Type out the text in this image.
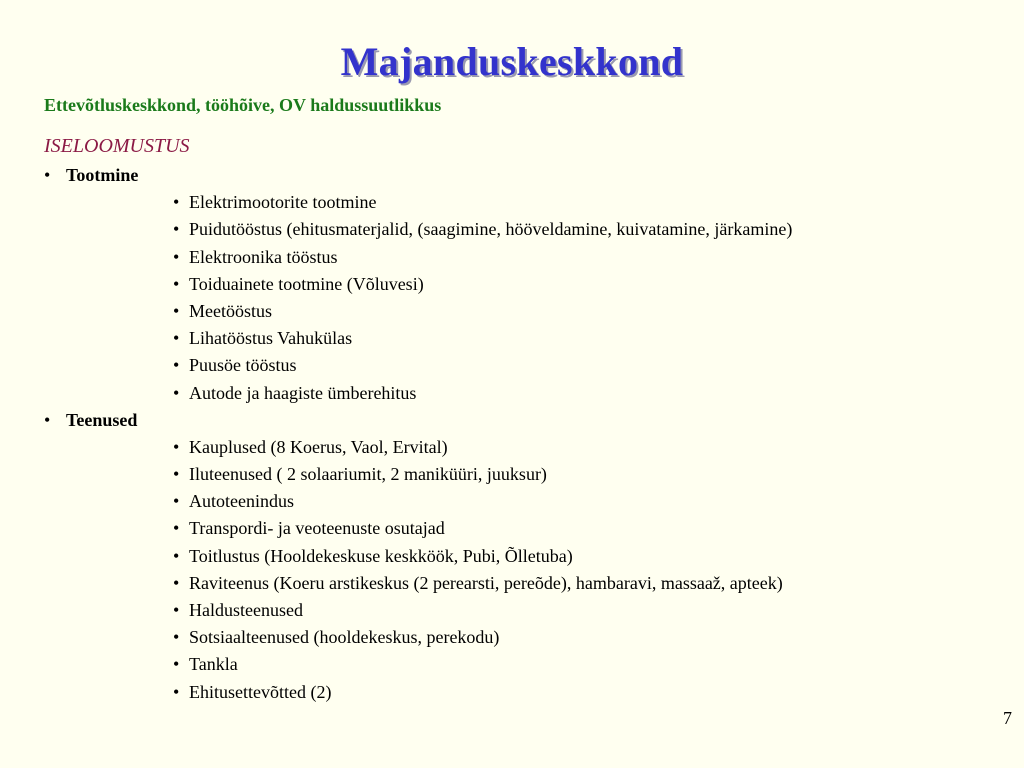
Majanduskeskkond
Ettevõtluskeskkond, tööhõive, OV haldussuutlikkus
ISELOOMUSTUS
• Tootmine
• Elektrimootorite tootmine
• Puidutööstus (ehitusmaterjalid, (saagimine, hööveldamine, kuivatamine, järkamine)
• Elektroonika tööstus
• Toiduainete tootmine (Võluvesi)
• Meetööstus
• Lihatööstus Vahukülas
• Puusöe tööstus
• Autode ja haagiste ümberehitus
• Teenused
• Kauplused (8 Koerus, Vaol, Ervital)
• Iluteenused ( 2 solaariumit, 2 maniküüri, juuksur)
• Autoteenindus
• Transpordi- ja veoteenuste osutajad
• Toitlustus (Hooldekeskuse keskköök, Pubi, Õlletuba)
• Raviteenus (Koeru arstikeskus (2 perearsti, pereõde), hambaravi, massaaž, apteek)
• Haldusteenused
• Sotsiaalteenused (hooldekeskus, perekodu)
• Tankla
• Ehitusettevõtted (2)
7
